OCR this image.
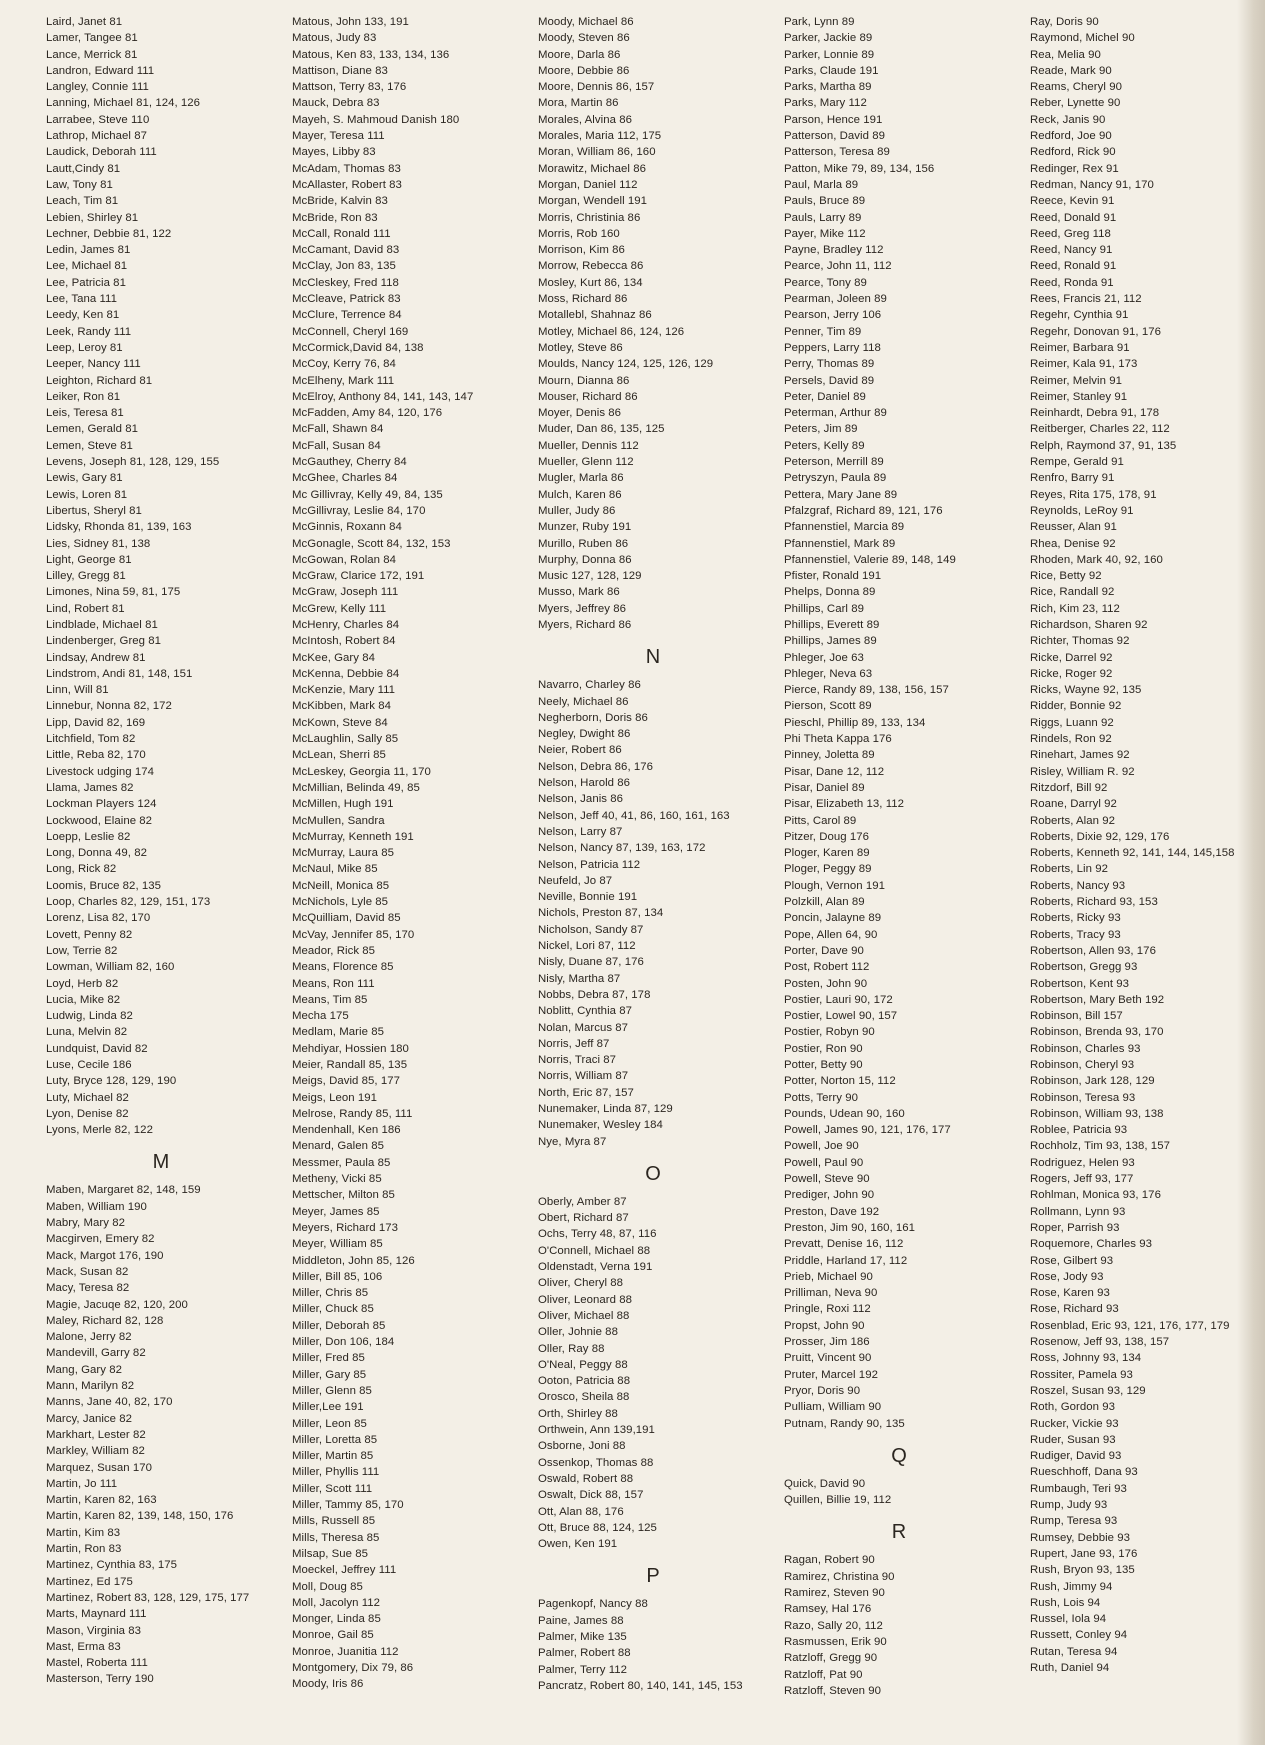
Laird, Janet 81
Lamer, Tangee 81
Lance, Merrick 81
Landron, Edward 111
Langley, Connie 111
Lanning, Michael 81, 124, 126
Larrabee, Steve 110
Lathrop, Michael 87
Laudick, Deborah 111
Lautt,Cindy 81
Law, Tony 81
Leach, Tim 81
Lebien, Shirley 81
Lechner, Debbie 81, 122
Ledin, James 81
Lee, Michael 81
Lee, Patricia 81
Lee, Tana 111
Leedy, Ken 81
Leek, Randy 111
Leep, Leroy 81
Leeper, Nancy 111
Leighton, Richard 81
Leiker, Ron 81
Leis, Teresa 81
Lemen, Gerald 81
Lemen, Steve 81
Levens, Joseph 81, 128, 129, 155
Lewis, Gary 81
Lewis, Loren 81
Libertus, Sheryl 81
Lidsky, Rhonda 81, 139, 163
Lies, Sidney 81, 138
Light, George 81
Lilley, Gregg 81
Limones, Nina 59, 81, 175
Lind, Robert 81
Lindblade, Michael 81
Lindenberger, Greg 81
Lindsay, Andrew 81
Lindstrom, Andi 81, 148, 151
Linn, Will 81
Linnebur, Nonna 82, 172
Lipp, David 82, 169
Litchfield, Tom 82
Little, Reba 82, 170
Livestock udging 174
Llama, James 82
Lockman Players 124
Lockwood, Elaine 82
Loepp, Leslie 82
Long, Donna 49, 82
Long, Rick 82
Loomis, Bruce 82, 135
Loop, Charles 82, 129, 151, 173
Lorenz, Lisa 82, 170
Lovett, Penny 82
Low, Terrie 82
Lowman, William 82, 160
Loyd, Herb 82
Lucia, Mike 82
Ludwig, Linda 82
Luna, Melvin 82
Lundquist, David 82
Luse, Cecile 186
Luty, Bryce 128, 129, 190
Luty, Michael 82
Lyon, Denise 82
Lyons, Merle 82, 122
M
Maben, Margaret 82, 148, 159
Maben, William 190
Mabry, Mary 82
Macgirven, Emery 82
Mack, Margot 176, 190
Mack, Susan 82
Macy, Teresa 82
Magie, Jacuqe 82, 120, 200
Maley, Richard 82, 128
Malone, Jerry 82
Mandevill, Garry 82
Mang, Gary 82
Mann, Marilyn 82
Manns, Jane 40, 82, 170
Marcy, Janice 82
Markhart, Lester 82
Markley, William 82
Marquez, Susan 170
Martin, Jo 111
Martin, Karen 82, 163
Martin, Karen 82, 139, 148, 150, 176
Martin, Kim 83
Martin, Ron 83
Martinez, Cynthia 83, 175
Martinez, Ed 175
Martinez, Robert 83, 128, 129, 175, 177
Marts, Maynard 111
Mason, Virginia 83
Mast, Erma 83
Mastel, Roberta 111
Masterson, Terry 190
Matous, John 133, 191
Matous, Judy 83
Matous, Ken 83, 133, 134, 136
Mattison, Diane 83
Mattson, Terry 83, 176
Mauck, Debra 83
Mayeh, S. Mahmoud Danish 180
Mayer, Teresa 111
Mayes, Libby 83
McAdam, Thomas 83
McAllaster, Robert 83
McBride, Kalvin 83
McBride, Ron 83
McCall, Ronald 111
McCamant, David 83
McClay, Jon 83, 135
McCleskey, Fred 118
McCleave, Patrick 83
McClure, Terrence 84
McConnell, Cheryl 169
McCormick,David 84, 138
McCoy, Kerry 76, 84
McElheny, Mark 111
McElroy, Anthony 84, 141, 143, 147
McFadden, Amy 84, 120, 176
McFall, Shawn 84
McFall, Susan 84
McGauthey, Cherry 84
McGhee, Charles 84
Mc Gillivray, Kelly 49, 84, 135
McGillivray, Leslie 84, 170
McGinnis, Roxann 84
McGonagle, Scott 84, 132, 153
McGowan, Rolan 84
McGraw, Clarice 172, 191
McGraw, Joseph 111
McGrew, Kelly 111
McHenry, Charles 84
McIntosh, Robert 84
McKee, Gary 84
McKenna, Debbie 84
McKenzie, Mary 111
McKibben, Mark 84
McKown, Steve 84
McLaughlin, Sally 85
McLean, Sherri 85
McLeskey, Georgia 11, 170
McMillian, Belinda 49, 85
McMillen, Hugh 191
McMullen, Sandra
McMurray, Kenneth 191
McMurray, Laura 85
McNaul, Mike 85
McNeill, Monica 85
McNichols, Lyle 85
McQuilliam, David 85
McVay, Jennifer 85, 170
Meador, Rick 85
Means, Florence 85
Means, Ron 111
Means, Tim 85
Mecha 175
Medlam, Marie 85
Mehdiyar, Hossien 180
Meier, Randall 85, 135
Meigs, David 85, 177
Meigs, Leon 191
Melrose, Randy 85, 111
Mendenhall, Ken 186
Menard, Galen 85
Messmer, Paula 85
Metheny, Vicki 85
Mettscher, Milton 85
Meyer, James 85
Meyers, Richard 173
Meyer, William 85
Middleton, John 85, 126
Miller, Bill 85, 106
Miller, Chris 85
Miller, Chuck 85
Miller, Deborah 85
Miller, Don 106, 184
Miller, Fred 85
Miller, Gary 85
Miller, Glenn 85
Miller,Lee 191
Miller, Leon 85
Miller, Loretta 85
Miller, Martin 85
Miller, Phyllis 111
Miller, Scott 111
Miller, Tammy 85, 170
Mills, Russell 85
Mills, Theresa 85
Milsap, Sue 85
Moeckel, Jeffrey 111
Moll, Doug 85
Moll, Jacolyn 112
Monger, Linda 85
Monroe, Gail 85
Monroe, Juanitia 112
Montgomery, Dix 79, 86
Moody, Iris 86
Moody, Michael 86
Moody, Steven 86
Moore, Darla 86
Moore, Debbie 86
Moore, Dennis 86, 157
Mora, Martin 86
Morales, Alvina 86
Morales, Maria 112, 175
Moran, William 86, 160
Morawitz, Michael 86
Morgan, Daniel 112
Morgan, Wendell 191
Morris, Christinia 86
Morris, Rob 160
Morrison, Kim 86
Morrow, Rebecca 86
Mosley, Kurt 86, 134
Moss, Richard 86
Motallebl, Shahnaz 86
Motley, Michael 86, 124, 126
Motley, Steve 86
Moulds, Nancy 124, 125, 126, 129
Mourn, Dianna 86
Mouser, Richard 86
Moyer, Denis 86
Muder, Dan 86, 135, 125
Mueller, Dennis 112
Mueller, Glenn 112
Mugler, Marla 86
Mulch, Karen 86
Muller, Judy 86
Munzer, Ruby 191
Murillo, Ruben 86
Murphy, Donna 86
Music 127, 128, 129
Musso, Mark 86
Myers, Jeffrey 86
Myers, Richard 86
N
Navarro, Charley 86
Neely, Michael 86
Negherborn, Doris 86
Negley, Dwight 86
Neier, Robert 86
Nelson, Debra 86, 176
Nelson, Harold 86
Nelson, Janis 86
Nelson, Jeff 40, 41, 86, 160, 161, 163
Nelson, Larry 87
Nelson, Nancy 87, 139, 163, 172
Nelson, Patricia 112
Neufeld, Jo 87
Neville, Bonnie 191
Nichols, Preston 87, 134
Nicholson, Sandy 87
Nickel, Lori 87, 112
Nisly, Duane 87, 176
Nisly, Martha 87
Nobbs, Debra 87, 178
Noblitt, Cynthia 87
Nolan, Marcus 87
Norris, Jeff 87
Norris, Traci 87
Norris, William 87
North, Eric 87, 157
Nunemaker, Linda 87, 129
Nunemaker, Wesley 184
Nye, Myra 87
O
Oberly, Amber 87
Obert, Richard 87
Ochs, Terry 48, 87, 116
O'Connell, Michael 88
Oldenstadt, Verna 191
Oliver, Cheryl 88
Oliver, Leonard 88
Oliver, Michael 88
Oller, Johnie 88
Oller, Ray 88
O'Neal, Peggy 88
Ooton, Patricia 88
Orosco, Sheila 88
Orth, Shirley 88
Orthwein, Ann 139,191
Osborne, Joni 88
Ossenkop, Thomas 88
Oswald, Robert 88
Oswalt, Dick 88, 157
Ott, Alan 88, 176
Ott, Bruce 88, 124, 125
Owen, Ken 191
P
Pagenkopf, Nancy 88
Paine, James 88
Palmer, Mike 135
Palmer, Robert 88
Palmer, Terry 112
Pancratz, Robert 80, 140, 141, 145, 153
Park, Lynn 89
Parker, Jackie 89
Parker, Lonnie 89
Parks, Claude 191
Parks, Martha 89
Parks, Mary 112
Parson, Hence 191
Patterson, David 89
Patterson, Teresa 89
Patton, Mike 79, 89, 134, 156
Paul, Marla 89
Pauls, Bruce 89
Pauls, Larry 89
Payer, Mike 112
Payne, Bradley 112
Pearce, John 11, 112
Pearce, Tony 89
Pearman, Joleen 89
Pearson, Jerry 106
Penner, Tim 89
Peppers, Larry 118
Perry, Thomas 89
Persels, David 89
Peter, Daniel 89
Peterman, Arthur 89
Peters, Jim 89
Peters, Kelly 89
Peterson, Merrill 89
Petryszyn, Paula 89
Pettera, Mary Jane 89
Pfalzgraf, Richard 89, 121, 176
Pfannenstiel, Marcia 89
Pfannenstiel, Mark 89
Pfannenstiel, Valerie 89, 148, 149
Pfister, Ronald 191
Phelps, Donna 89
Phillips, Carl 89
Phillips, Everett 89
Phillips, James 89
Phleger, Joe 63
Phleger, Neva 63
Pierce, Randy 89, 138, 156, 157
Pierson, Scott 89
Pieschl, Phillip 89, 133, 134
Phi Theta Kappa 176
Pinney, Joletta 89
Pisar, Dane 12, 112
Pisar, Daniel 89
Pisar, Elizabeth 13, 112
Pitts, Carol 89
Pitzer, Doug 176
Ploger, Karen 89
Ploger, Peggy 89
Plough, Vernon 191
Polzkill, Alan 89
Poncin, Jalayne 89
Pope, Allen 64, 90
Porter, Dave 90
Post, Robert 112
Posten, John 90
Postier, Lauri 90, 172
Postier, Lowel 90, 157
Postier, Robyn 90
Postier, Ron 90
Potter, Betty 90
Potter, Norton 15, 112
Potts, Terry 90
Pounds, Udean 90, 160
Powell, James 90, 121, 176, 177
Powell, Joe 90
Powell, Paul 90
Powell, Steve 90
Prediger, John 90
Preston, Dave 192
Preston, Jim 90, 160, 161
Prevatt, Denise 16, 112
Priddle, Harland 17, 112
Prieb, Michael 90
Prilliman, Neva 90
Pringle, Roxi 112
Propst, John 90
Prosser, Jim 186
Pruitt, Vincent 90
Pruter, Marcel 192
Pryor, Doris 90
Pulliam, William 90
Putnam, Randy 90, 135
Q
Quick, David 90
Quillen, Billie 19, 112
R
Ragan, Robert 90
Ramirez, Christina 90
Ramirez, Steven 90
Ramsey, Hal 176
Razo, Sally 20, 112
Rasmussen, Erik 90
Ratzloff, Gregg 90
Ratzloff, Pat 90
Ratzloff, Steven 90
Ray, Doris 90
Raymond, Michel 90
Rea, Melia 90
Reade, Mark 90
Reams, Cheryl 90
Reber, Lynette 90
Reck, Janis 90
Redford, Joe 90
Redford, Rick 90
Redinger, Rex 91
Redman, Nancy 91, 170
Reece, Kevin 91
Reed, Donald 91
Reed, Greg 118
Reed, Nancy 91
Reed, Ronald 91
Reed, Ronda 91
Rees, Francis 21, 112
Regehr, Cynthia 91
Regehr, Donovan 91, 176
Reimer, Barbara 91
Reimer, Kala 91, 173
Reimer, Melvin 91
Reimer, Stanley 91
Reinhardt, Debra 91, 178
Reitberger, Charles 22, 112
Relph, Raymond 37, 91, 135
Rempe, Gerald 91
Renfro, Barry 91
Reyes, Rita 175, 178, 91
Reynolds, LeRoy 91
Reusser, Alan 91
Rhea, Denise 92
Rhoden, Mark 40, 92, 160
Rice, Betty 92
Rice, Randall 92
Rich, Kim 23, 112
Richardson, Sharen 92
Richter, Thomas 92
Ricke, Darrel 92
Ricke, Roger 92
Ricks, Wayne 92, 135
Ridder, Bonnie 92
Riggs, Luann 92
Rindels, Ron 92
Rinehart, James 92
Risley, William R. 92
Ritzdorf, Bill 92
Roane, Darryl 92
Roberts, Alan 92
Roberts, Dixie 92, 129, 176
Roberts, Kenneth 92, 141, 144, 145,158
Roberts, Lin 92
Roberts, Nancy 93
Roberts, Richard 93, 153
Roberts, Ricky 93
Roberts, Tracy 93
Robertson, Allen 93, 176
Robertson, Gregg 93
Robertson, Kent 93
Robertson, Mary Beth 192
Robinson, Bill 157
Robinson, Brenda 93, 170
Robinson, Charles 93
Robinson, Cheryl 93
Robinson, Jark 128, 129
Robinson, Teresa 93
Robinson, William 93, 138
Roblee, Patricia 93
Rochholz, Tim 93, 138, 157
Rodriguez, Helen 93
Rogers, Jeff 93, 177
Rohlman, Monica 93, 176
Rollmann, Lynn 93
Roper, Parrish 93
Roquemore, Charles 93
Rose, Gilbert 93
Rose, Jody 93
Rose, Karen 93
Rose, Richard 93
Rosenblad, Eric 93, 121, 176, 177, 179
Rosenow, Jeff 93, 138, 157
Ross, Johnny 93, 134
Rossiter, Pamela 93
Roszel, Susan 93, 129
Roth, Gordon 93
Rucker, Vickie 93
Ruder, Susan 93
Rudiger, David 93
Rueschhoff, Dana 93
Rumbaugh, Teri 93
Rump, Judy 93
Rump, Teresa 93
Rumsey, Debbie 93
Rupert, Jane 93, 176
Rush, Bryon 93, 135
Rush, Jimmy 94
Rush, Lois 94
Russel, Iola 94
Russett, Conley 94
Rutan, Teresa 94
Ruth, Daniel 94
